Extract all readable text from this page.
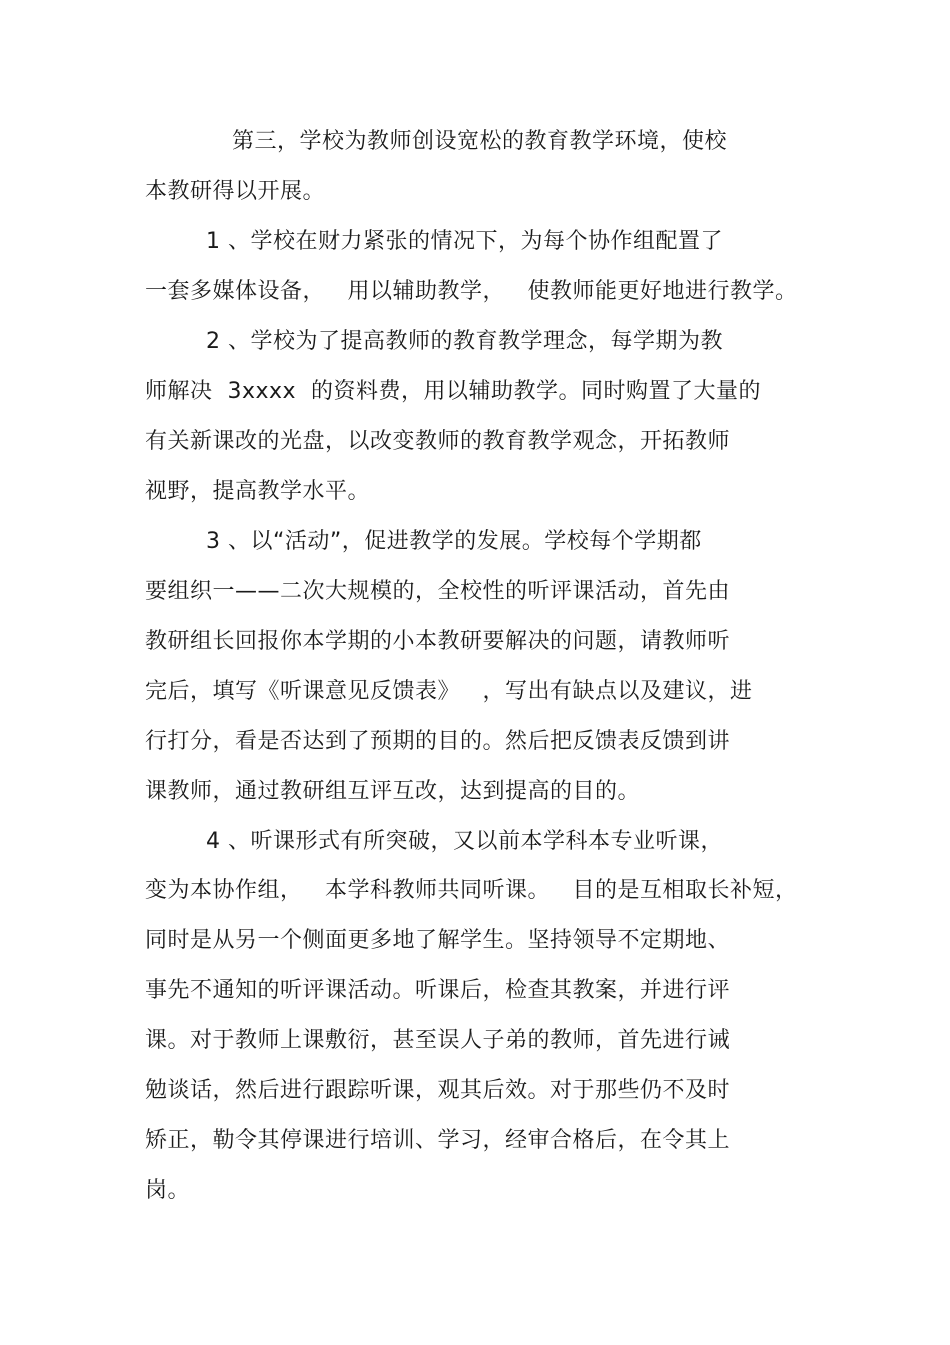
第三，学校为教师创设宽松的教育教学环境，使校
本教研得以开展。
1 、学校在财力紧张的情况下，为每个协作组配置了
一套多媒体设备，   用以辅助教学，   使教师能更好地进行教学。
2 、学校为了提高教师的教育教学理念，每学期为教
师解决  3xxxx  的资料费，用以辅助教学。同时购置了大量的
有关新课改的光盘，以改变教师的教育教学观念，开拓教师
视野，提高教学水平。
3 、以“活动”，促进教学的发展。学校每个学期都
要组织一——二次大规模的，全校性的听评课活动，首先由
教研组长回报你本学期的小本教研要解决的问题，请教师听
完后，填写《听课意见反馈表》   ，写出有缺点以及建议，进
行打分，看是否达到了预期的目的。然后把反馈表反馈到讲
课教师，通过教研组互评互改，达到提高的目的。
4 、听课形式有所突破，又以前本学科本专业听课，
变为本协作组，   本学科教师共同听课。   目的是互相取长补短，
同时是从另一个侧面更多地了解学生。坚持领导不定期地、
事先不通知的听评课活动。听课后，检查其教案，并进行评
课。对于教师上课敷衍，甚至误人子弟的教师，首先进行诫
勉谈话，然后进行跟踪听课，观其后效。对于那些仍不及时
矫正，勒令其停课进行培训、学习，经审合格后，在令其上
岗。
